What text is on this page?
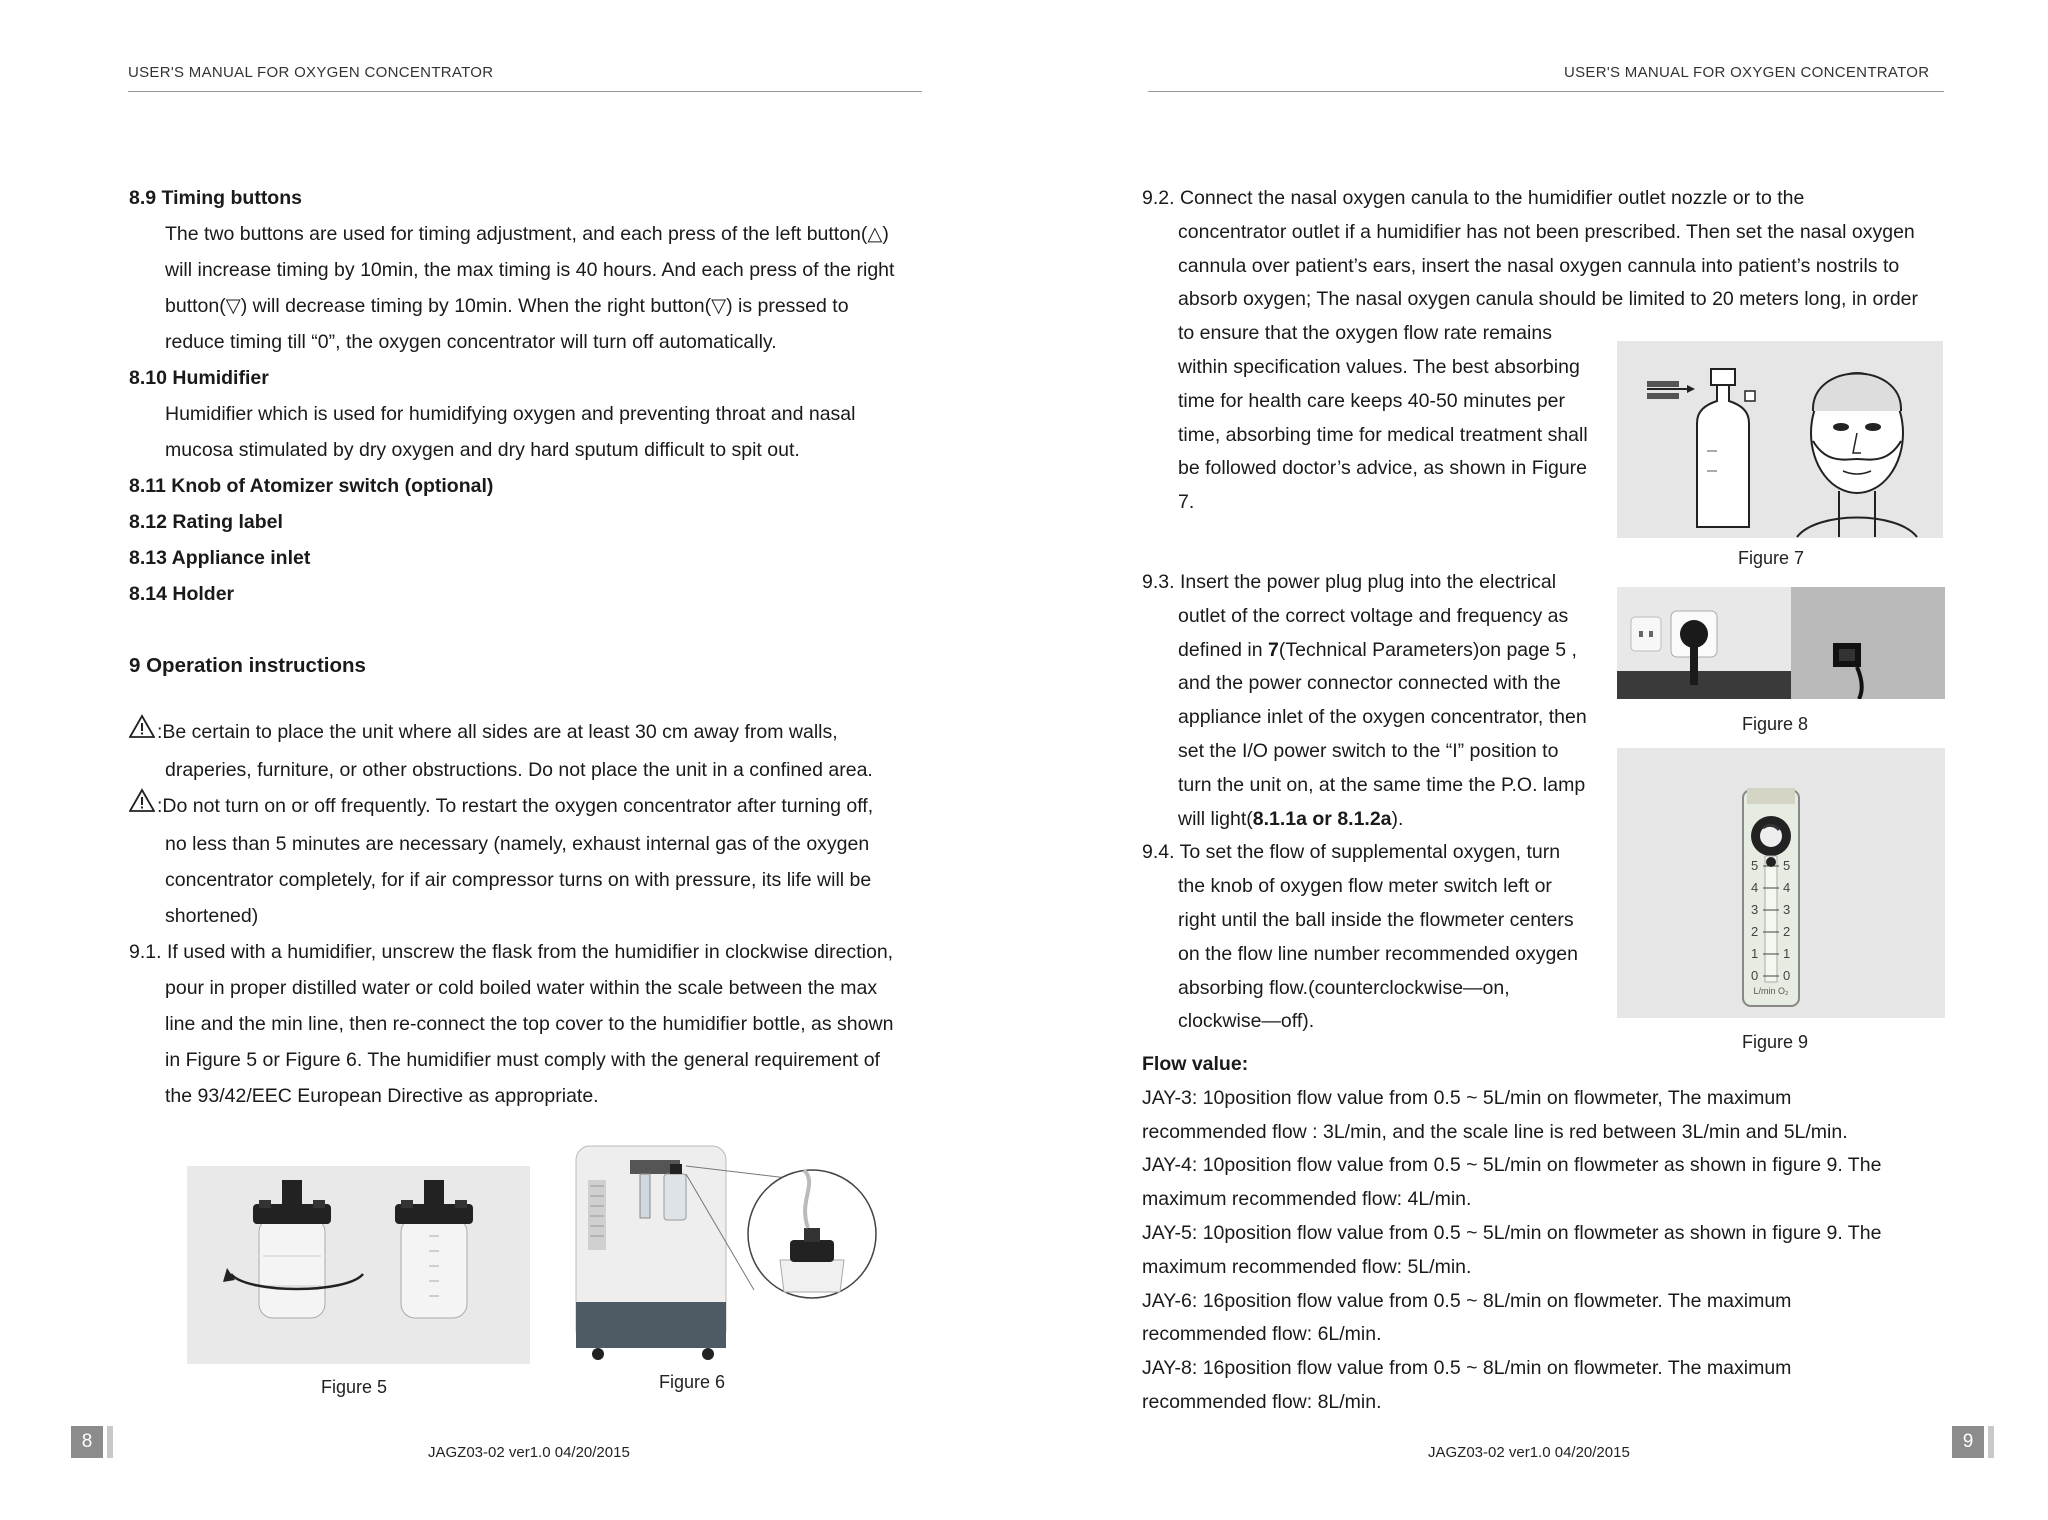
USER'S MANUAL FOR OXYGEN CONCENTRATOR
8.9 Timing buttons
The two buttons are used for timing adjustment, and each press of the left button(△)
will increase timing by 10min, the max timing is 40 hours. And each press of the right
button(▽) will decrease timing by 10min. When the right button(▽) is pressed to
reduce timing till “0”, the oxygen concentrator will turn off automatically.
8.10 Humidifier
Humidifier which is used for humidifying oxygen and preventing throat and nasal
mucosa stimulated by dry oxygen and dry hard sputum difficult to spit out.
8.11 Knob of Atomizer switch (optional)
8.12 Rating label
8.13 Appliance inlet
8.14 Holder
9 Operation instructions
:Be certain to place the unit where all sides are at least 30 cm away from walls,
draperies, furniture, or other obstructions. Do not place the unit in a confined area.
:Do not turn on or off frequently. To restart the oxygen concentrator after turning off,
no less than 5 minutes are necessary (namely, exhaust internal gas of the oxygen
concentrator completely, for if air compressor turns on with pressure, its life will be
shortened)
9.1. If used with a humidifier, unscrew the flask from the humidifier in clockwise direction,
pour in proper distilled water or cold boiled water within the scale between the max
line and the min line, then re-connect the top cover to the humidifier bottle, as shown
in Figure 5 or Figure 6. The humidifier must comply with the general requirement of
the 93/42/EEC European Directive as appropriate.
Figure 5	Figure 6
8
JAGZ03-02 ver1.0 04/20/2015
USER'S MANUAL FOR OXYGEN CONCENTRATOR
9.2. Connect the nasal oxygen canula to the humidifier outlet nozzle or to the
concentrator outlet if a humidifier has not been prescribed. Then set the nasal oxygen
cannula over patient’s ears, insert the nasal oxygen cannula into patient’s nostrils to
absorb oxygen; The nasal oxygen canula should be limited to 20 meters long, in order
to ensure that the oxygen flow rate remains
within specification values. The best absorbing
time for health care keeps 40-50 minutes per
time, absorbing time for medical treatment shall
be followed doctor’s advice, as shown in Figure
7.
Figure 7
9.3. Insert the power plug plug into the electrical
outlet of the correct voltage and frequency as
defined in 7(Technical Parameters)on page 5 ,
and the power connector connected with the
appliance inlet of the oxygen concentrator, then
set the I/O power switch to the “I” position to
turn the unit on, at the same time the P.O. lamp
will light(8.1.1a or 8.1.2a).
9.4. To set the flow of supplemental oxygen, turn
the knob of oxygen flow meter switch left or
right until the ball inside the flowmeter centers
on the flow line number recommended oxygen
absorbing flow.(counterclockwise—on,
clockwise—off).
Figure 8
5
4
3
2
1
0
5
4
3
2
1
0
L/min O₂
Figure 9
Flow value:
JAY-3: 10position flow value from 0.5 ~ 5L/min on flowmeter, The maximum
recommended flow : 3L/min, and the scale line is red between 3L/min and 5L/min.
JAY-4: 10position flow value from 0.5 ~ 5L/min on flowmeter as shown in figure 9. The
maximum recommended flow: 4L/min.
JAY-5: 10position flow value from 0.5 ~ 5L/min on flowmeter as shown in figure 9. The
maximum recommended flow: 5L/min.
JAY-6: 16position flow value from 0.5 ~ 8L/min on flowmeter. The maximum
recommended flow: 6L/min.
JAY-8: 16position flow value from 0.5 ~ 8L/min on flowmeter. The maximum
recommended flow: 8L/min.
9
JAGZ03-02 ver1.0 04/20/2015
